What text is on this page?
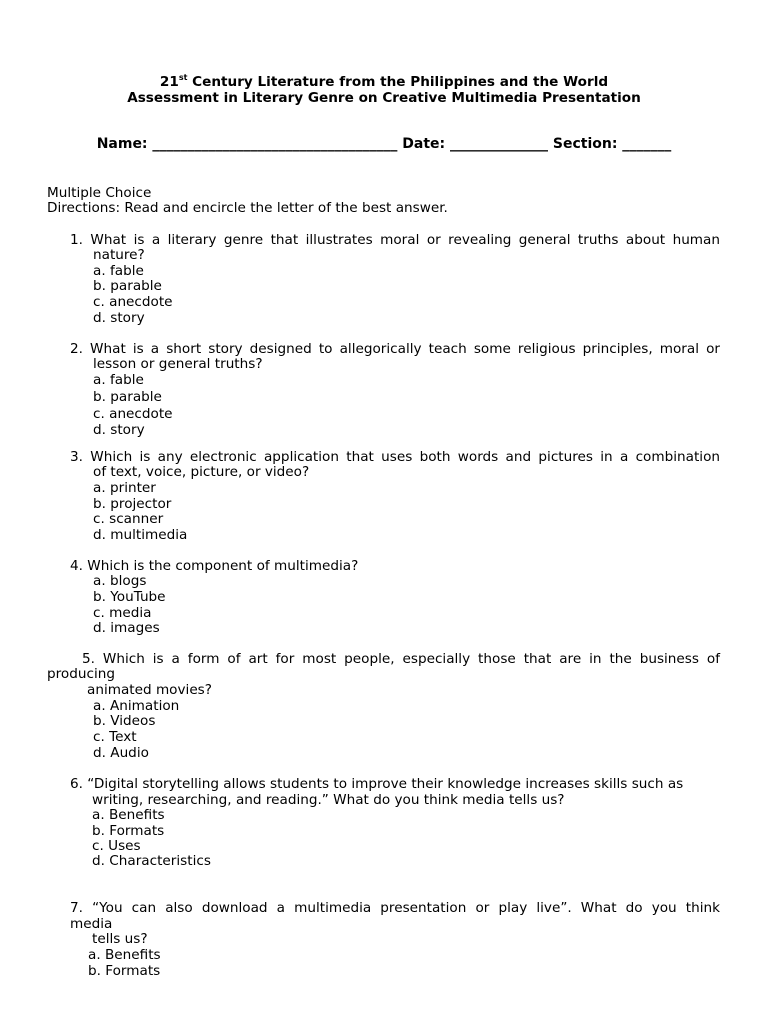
21st Century Literature from the Philippines and the World
Assessment in Literary Genre on Creative Multimedia Presentation
Name: ___________________________________ Date: ______________ Section: _______
Multiple Choice
Directions: Read and encircle the letter of the best answer.
1. What is a literary genre that illustrates moral or revealing general truths about human
nature?
a. fable
b. parable
c. anecdote
d. story
2. What is a short story designed to allegorically teach some religious principles, moral or
lesson or general truths?
a. fable
b. parable
c. anecdote
d. story
3. Which is any electronic application that uses both words and pictures in a combination
of text, voice, picture, or video?
a. printer
b. projector
c. scanner
d. multimedia
4. Which is the component of multimedia?
a. blogs
b. YouTube
c. media
d. images
5. Which is a form of art for most people, especially those that are in the business of
producing
animated movies?
a. Animation
b. Videos
c. Text
d. Audio
6. “Digital storytelling allows students to improve their knowledge increases skills such as
writing, researching, and reading.” What do you think media tells us?
a. Benefits
b. Formats
c. Uses
d. Characteristics
7. “You can also download a multimedia presentation or play live”. What do you think
media
tells us?
a. Benefits
b. Formats
